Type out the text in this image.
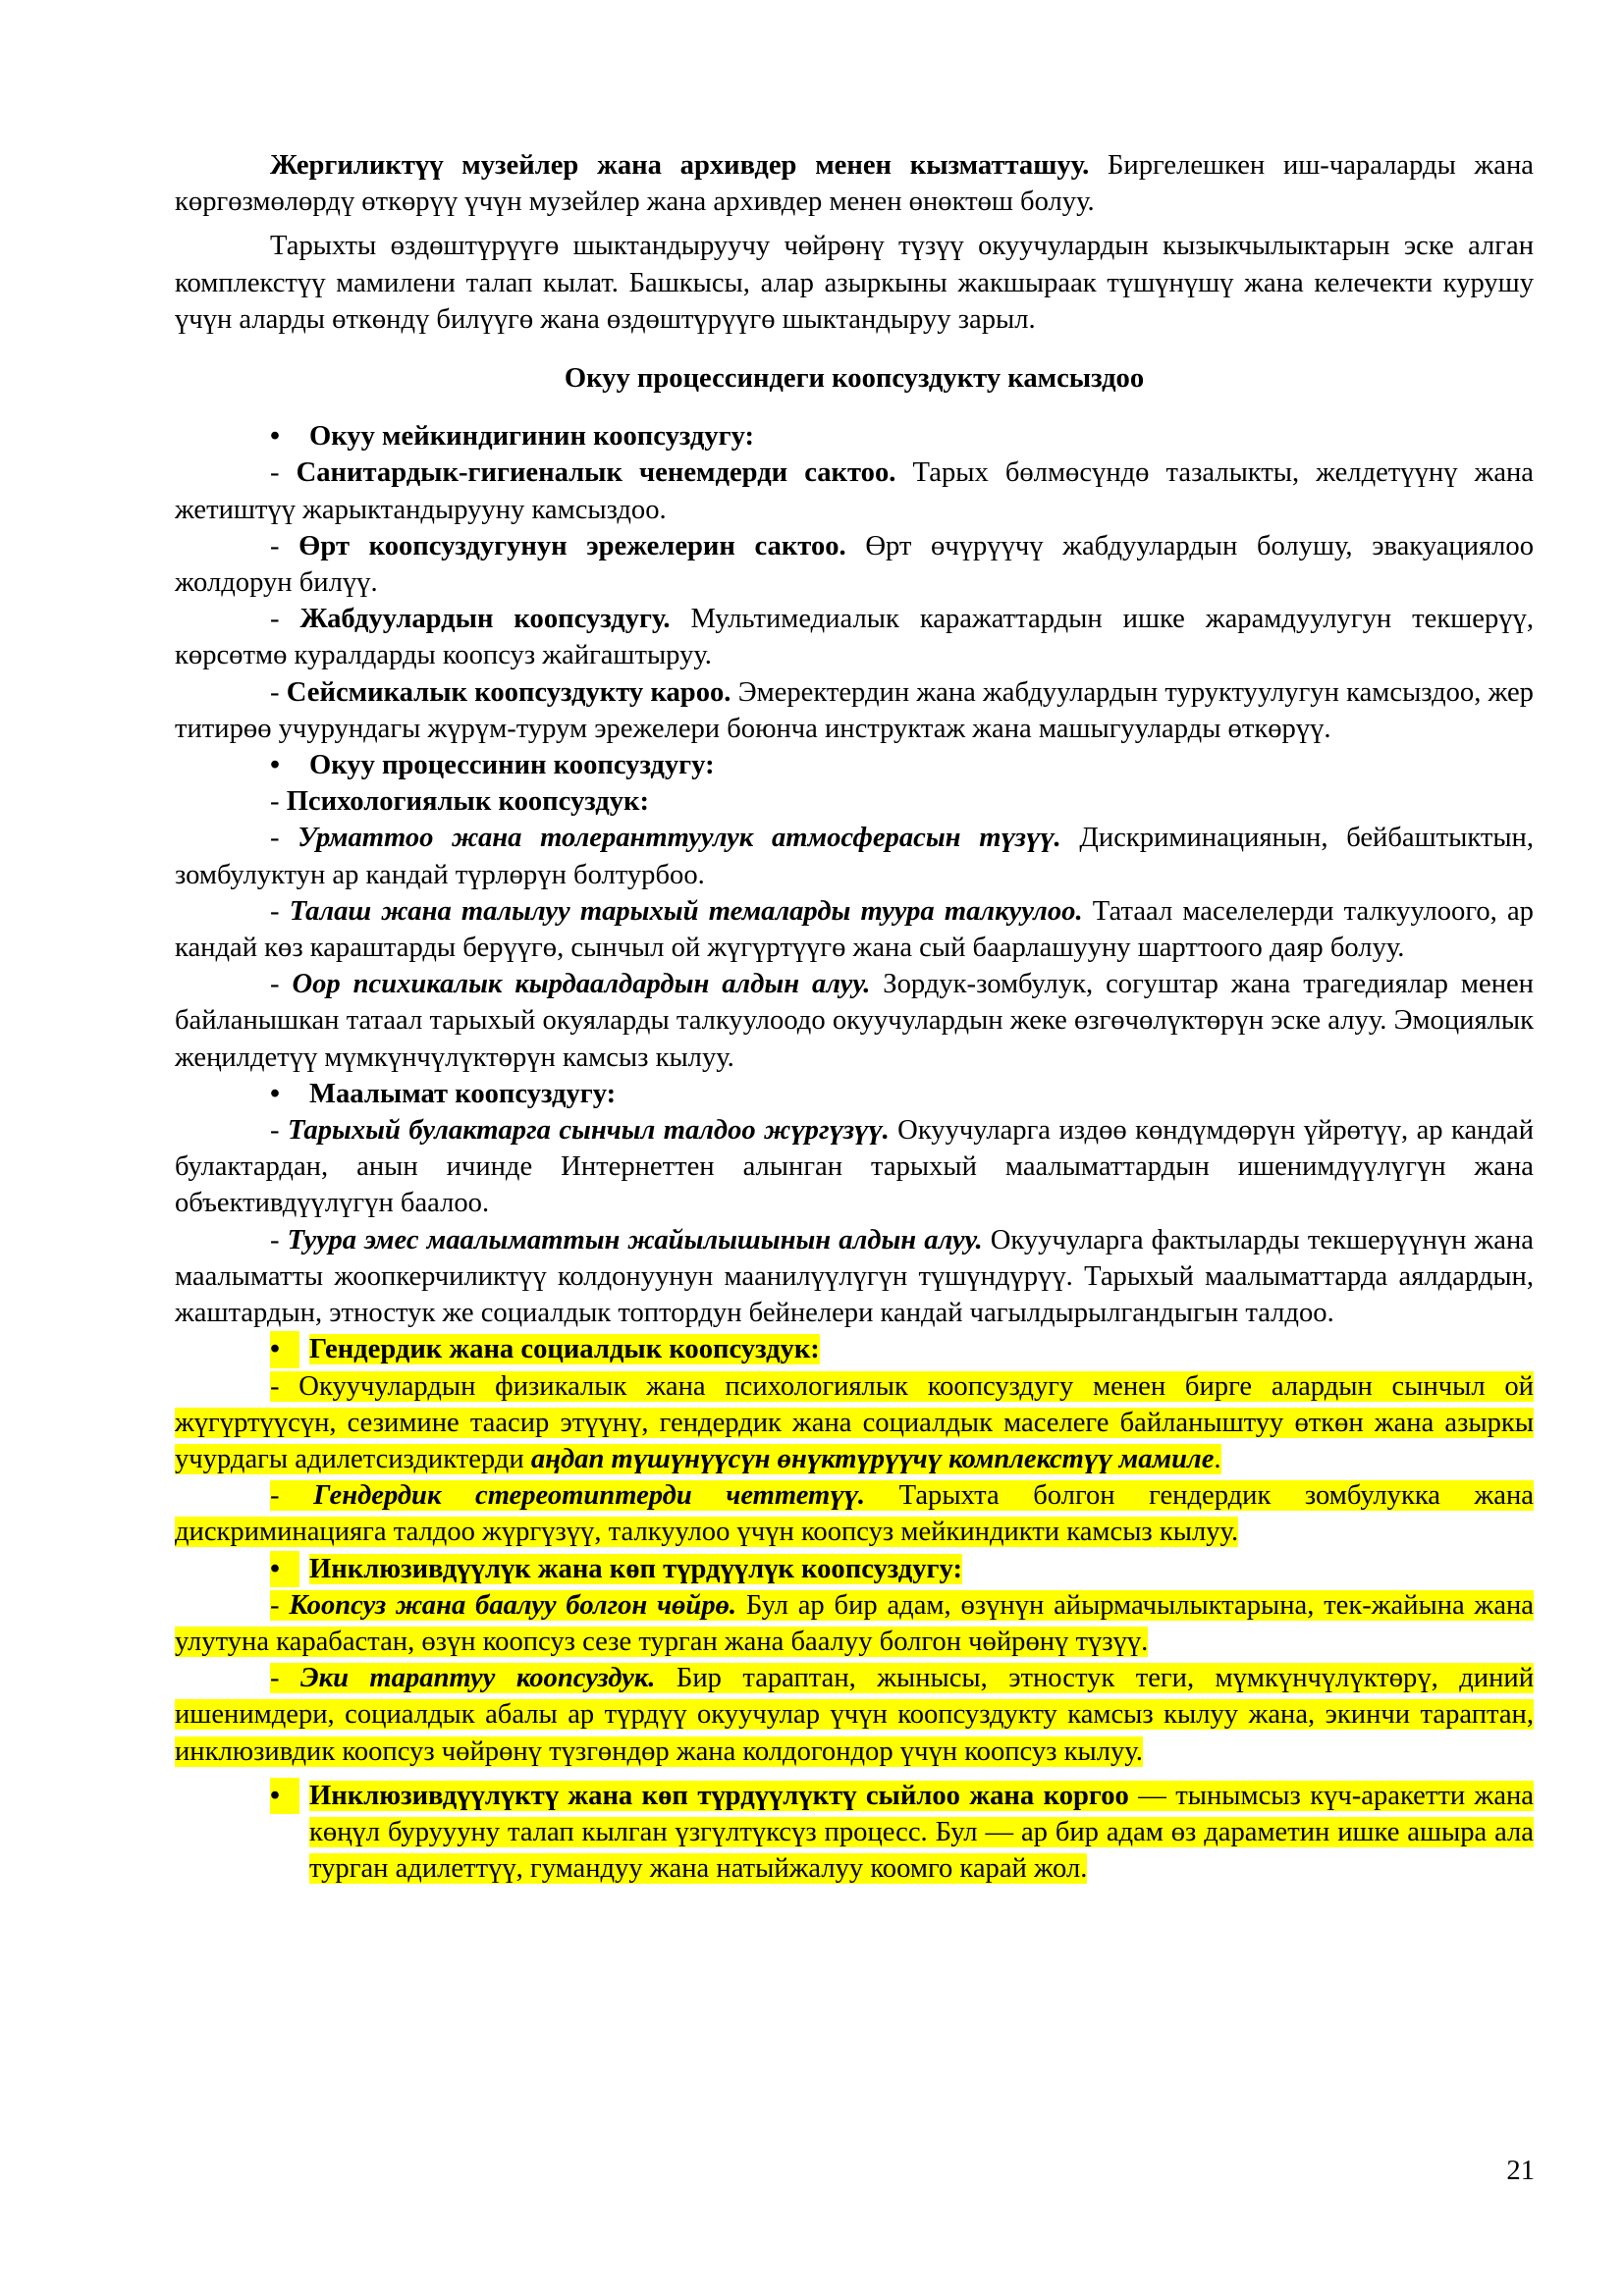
Жергиликтүү музейлер жана архивдер менен кызматташуу. Биргелешкен иш-чараларды жана көргөзмөлөрдү өткөрүү үчүн музейлер жана архивдер менен өнөктөш болуу.

Тарыхты өздөштүрүүгө шыктандыруучу чөйрөнү түзүү окуучулардын кызыкчылыктарын эске алган комплекстүү мамилени талап кылат. Башкысы, алар азыркыны жакшыраак түшүнүшү жана келечекти курушу үчүн аларды өткөндү билүүгө жана өздөштүрүүгө шыктандыруу зарыл.

Окуу процессиндеги коопсуздукту камсыздоо

•	Окуу мейкиндигинин коопсуздугу:

- Санитардык-гигиеналык ченемдерди сактоо. Тарых бөлмөсүндө тазалыкты, желдетүүнү жана жетиштүү жарыктандырууну камсыздоо.

- Өрт коопсуздугунун эрежелерин сактоо. Өрт өчүрүүчү жабдуулардын болушу, эвакуациялоо жолдорун билүү.

- Жабдуулардын коопсуздугу. Мультимедиалык каражаттардын ишке жарамдуулугун текшерүү, көрсөтмө куралдарды коопсуз жайгаштыруу.

- Сейсмикалык коопсуздукту кароо. Эмеректердин жана жабдуулардын туруктуулугун камсыздоо, жер титирөө учурундагы жүрүм-турум эрежелери боюнча инструктаж жана машыгууларды өткөрүү.

•	Окуу процессинин коопсуздугу:

- Психологиялык коопсуздук:

- Урматтоо жана толеранттуулук атмосферасын түзүү. Дискриминациянын, бейбаштыктын, зомбулуктун ар кандай түрлөрүн болтурбоо.

- Талаш жана талылуу тарыхый темаларды туура талкуулоо. Татаал маселелерди талкуулоого, ар кандай көз караштарды берүүгө, сынчыл ой жүгүртүүгө жана сый баарлашууну шарттоого даяр болуу.

- Оор психикалык кырдаалдардын алдын алуу. Зордук-зомбулук, согуштар жана трагедиялар менен байланышкан татаал тарыхый окуяларды талкуулоодо окуучулардын жеке өзгөчөлүктөрүн эске алуу. Эмоциялык жеңилдетүү мүмкүнчүлүктөрүн камсыз кылуу.

•	Маалымат коопсуздугу:

- Тарыхый булактарга сынчыл талдоо жүргүзүү. Окуучуларга издөө көндүмдөрүн үйрөтүү, ар кандай булактардан, анын ичинде Интернеттен алынган тарыхый маалыматтардын ишенимдүүлүгүн жана объективдүүлүгүн баалоо.

- Туура эмес маалыматтын жайылышынын алдын алуу. Окуучуларга фактыларды текшерүүнүн жана маалыматты жоопкерчиликтүү колдонуунун маанилүүлүгүн түшүндүрүү. Тарыхый маалыматтарда аялдардын, жаштардын, этностук же социалдык топтордун бейнелери кандай чагылдырылгандыгын талдоо.

•	Гендердик жана социалдык коопсуздук:

- Окуучулардын физикалык жана психологиялык коопсуздугу менен бирге алардын сынчыл ой жүгүртүүсүн, сезимине таасир этүүнү, гендердик жана социалдык маселеге байланыштуу өткөн жана азыркы учурдагы адилетсиздиктерди аңдап түшүнүүсүн өнүктүрүүчү комплекстүү мамиле.

- Гендердик стереотиптерди четтетүү. Тарыхта болгон гендердик зомбулукка жана дискриминацияга талдоо жүргүзүү, талкуулоо үчүн коопсуз мейкиндикти камсыз кылуу.

•	Инклюзивдүүлүк жана көп түрдүүлүк коопсуздугу:

- Коопсуз жана баалуу болгон чөйрө. Бул ар бир адам, өзүнүн айырмачылыктарына, тек-жайына жана улутуна карабастан, өзүн коопсуз сезе турган жана баалуу болгон чөйрөнү түзүү.

- Эки тараптуу коопсуздук. Бир тараптан, жынысы, этностук теги, мүмкүнчүлүктөрү, диний ишенимдери, социалдык абалы ар түрдүү окуучулар үчүн коопсуздукту камсыз кылуу жана, экинчи тараптан, инклюзивдик коопсуз чөйрөнү түзгөндөр жана колдогондор үчүн коопсуз кылуу.

•	Инклюзивдүүлүктү жана көп түрдүүлүктү сыйлоо жана коргоо — тынымсыз күч-аракетти жана көңүл буруууну талап кылган үзгүлтүксүз процесс. Бул — ар бир адам өз дараметин ишке ашыра ала турган адилеттүү, гумандуу жана натыйжалуу коомго карай жол.

21
